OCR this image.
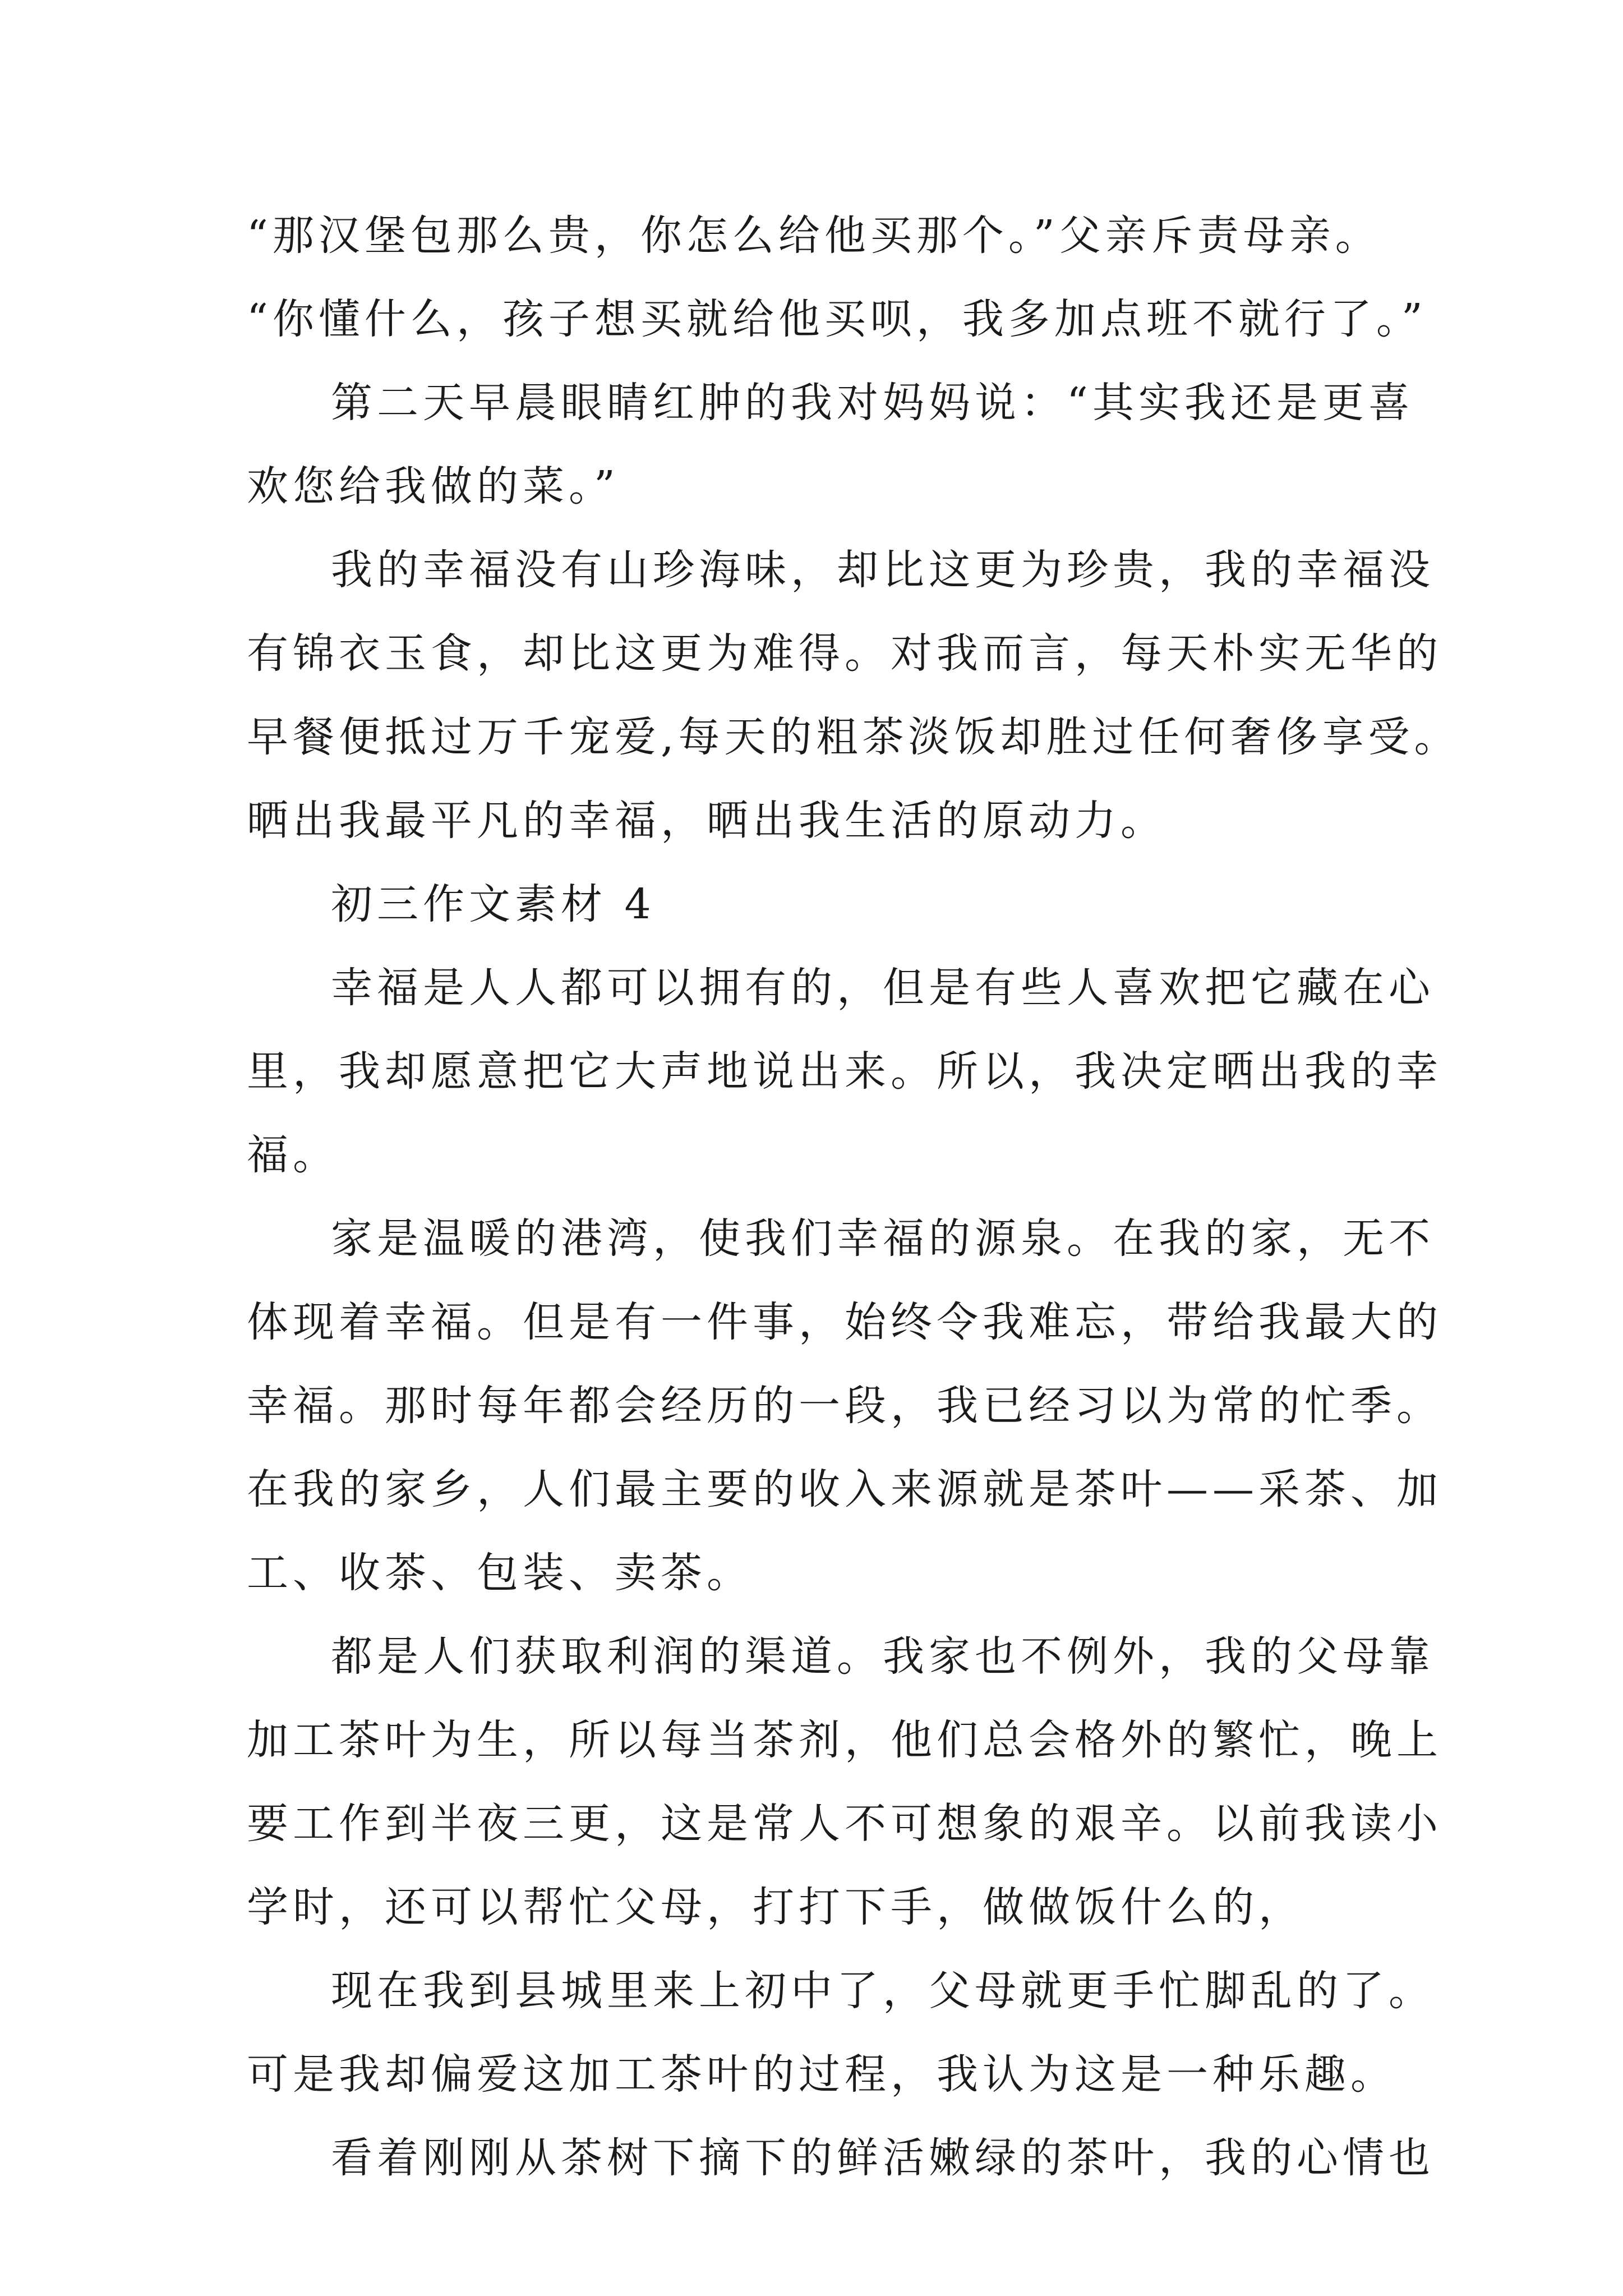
“那汉堡包那么贵，你怎么给他买那个。”父亲斥责母亲。
“你懂什么，孩子想买就给他买呗，我多加点班不就行了。”
第二天早晨眼睛红肿的我对妈妈说：“其实我还是更喜
欢您给我做的菜。”
我的幸福没有山珍海味，却比这更为珍贵，我的幸福没
有锦衣玉食，却比这更为难得。对我而言，每天朴实无华的
早餐便抵过万千宠爱,每天的粗茶淡饭却胜过任何奢侈享受。
晒出我最平凡的幸福，晒出我生活的原动力。
初三作文素材 4
幸福是人人都可以拥有的，但是有些人喜欢把它藏在心
里，我却愿意把它大声地说出来。所以，我决定晒出我的幸
福。
家是温暖的港湾，使我们幸福的源泉。在我的家，无不
体现着幸福。但是有一件事，始终令我难忘，带给我最大的
幸福。那时每年都会经历的一段，我已经习以为常的忙季。
在我的家乡，人们最主要的收入来源就是茶叶——采茶、加
工、收茶、包装、卖茶。
都是人们获取利润的渠道。我家也不例外，我的父母靠
加工茶叶为生，所以每当茶剂，他们总会格外的繁忙，晚上
要工作到半夜三更，这是常人不可想象的艰辛。以前我读小
学时，还可以帮忙父母，打打下手，做做饭什么的，
现在我到县城里来上初中了，父母就更手忙脚乱的了。
可是我却偏爱这加工茶叶的过程，我认为这是一种乐趣。
看着刚刚从茶树下摘下的鲜活嫩绿的茶叶，我的心情也
